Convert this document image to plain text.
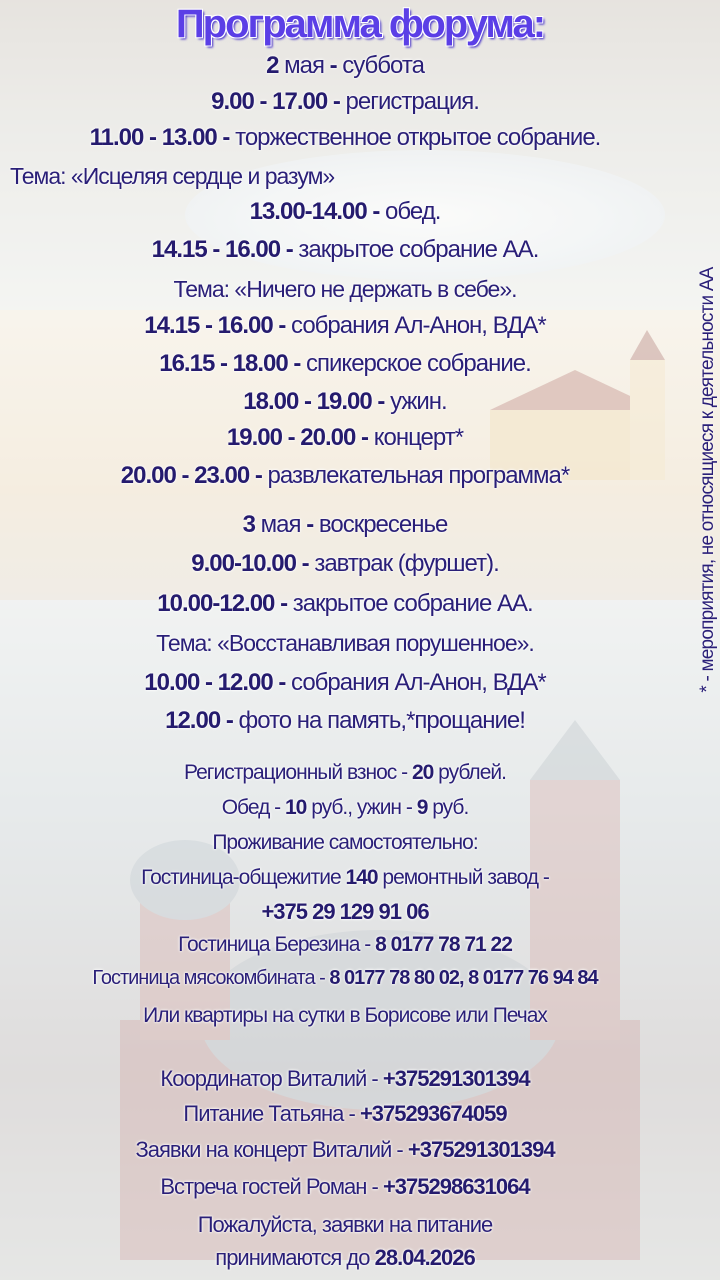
Программа форума:
2 мая - суббота
9.00 - 17.00 - регистрация.
11.00 - 13.00 - торжественное открытое собрание.
Тема: «Исцеляя сердце и разум»
13.00-14.00 - обед.
14.15 - 16.00 - закрытое собрание АА.
Тема: «Ничего не держать в себе».
14.15 - 16.00 - собрания Ал-Анон, ВДА*
16.15 - 18.00 - спикерское собрание.
18.00 - 19.00 - ужин.
19.00 - 20.00 - концерт*
20.00 - 23.00 - развлекательная программа*
3 мая - воскресенье
9.00-10.00 - завтрак (фуршет).
10.00-12.00 - закрытое собрание АА.
Тема: «Восстанавливая порушенное».
10.00 - 12.00 - собрания Ал-Анон, ВДА*
12.00 - фото на память,*прощание!
Регистрационный взнос - 20 рублей.
Обед - 10 руб., ужин - 9 руб.
Проживание самостоятельно:
Гостиница-общежитие 140 ремонтный завод -
+375 29 129 91 06
Гостиница Березина - 8 0177 78 71 22
Гостиница мясокомбината - 8 0177 78 80 02, 8 0177 76 94 84
Или квартиры на сутки в Борисове или Печах
Координатор Виталий - +375291301394
Питание Татьяна - +375293674059
Заявки на концерт Виталий - +375291301394
Встреча гостей Роман - +375298631064
Пожалуйста, заявки на питание
принимаются до 28.04.2026
* - мероприятия, не относящиеся к деятельности АА
